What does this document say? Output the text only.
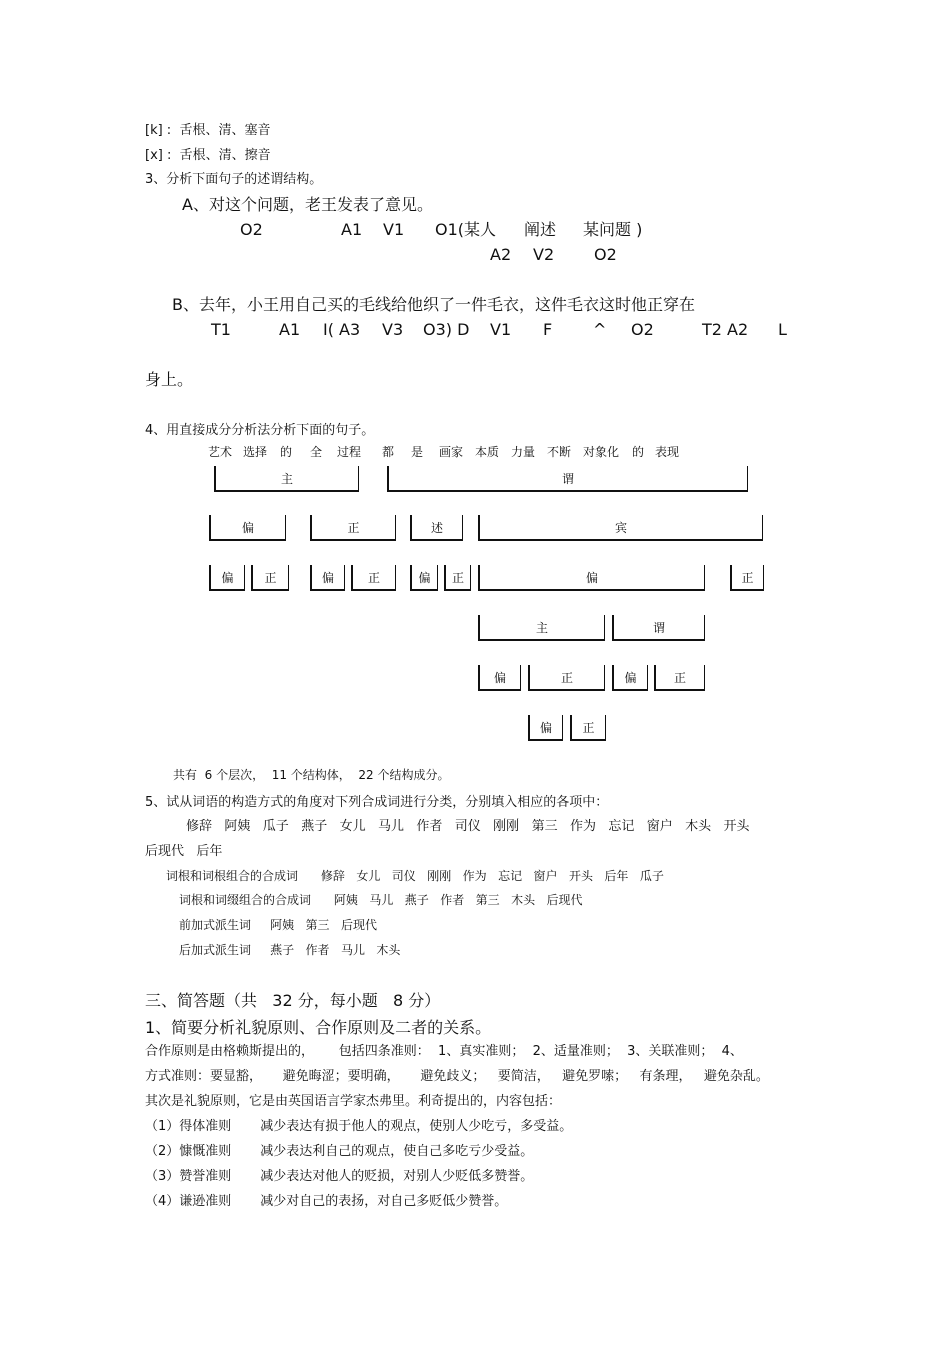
[k] :  舌根、清、塞音
[x] :  舌根、清、擦音
3、分析下面句子的述谓结构。
A、对这个问题，老王发表了意见。
O2	A1 V1 O1(某人 阐述 某问题 )
A2 V2 O2
B、去年，小王用自己买的毛线给他织了一件毛衣，这件毛衣这时他正穿在
T1	A1 I( A3 V3 O3) D V1 F	^ O2	T2 A2 L
身上。
4、用直接成分分析法分析下面的句子。
艺术 选择 的 全 过程 都 是 画家 本质 力量 不断 对象化 的 表现
主	谓
偏	正	述	宾
偏	正	偏	正	偏	正	偏	正
主	谓
偏	正	偏	正
偏	正
共有  6 个层次，  11 个结构体，  22 个结构成分。
5、试从词语的构造方式的角度对下列合成词进行分类，分别填入相应的各项中：
修辞   阿姨   瓜子   燕子   女儿   马儿   作者   司仪   刚刚   第三   作为   忘记   窗户   木头   开头
后现代   后年
词根和词根组合的合成词      修辞   女儿   司仪   刚刚   作为   忘记   窗户   开头   后年   瓜子
词根和词缀组合的合成词      阿姨   马儿   燕子   作者   第三   木头   后现代
前加式派生词     阿姨   第三   后现代
后加式派生词     燕子   作者   马儿   木头
三、简答题（共   32 分，每小题   8 分）
1、简要分析礼貌原则、合作原则及二者的关系。
合作原则是由格赖斯提出的，      包括四条准则：  1、真实准则；  2、适量准则；  3、关联准则；  4、
方式准则：要显豁，     避免晦涩；要明确，     避免歧义；   要简洁，   避免罗嗦；   有条理，   避免杂乱。
其次是礼貌原则，它是由英国语言学家杰弗里。利奇提出的，内容包括：
（1）得体准则       减少表达有损于他人的观点，使别人少吃亏，多受益。
（2）慷慨准则       减少表达利自己的观点，使自己多吃亏少受益。
（3）赞誉准则       减少表达对他人的贬损，对别人少贬低多赞誉。
（4）谦逊准则       减少对自己的表扬，对自己多贬低少赞誉。
